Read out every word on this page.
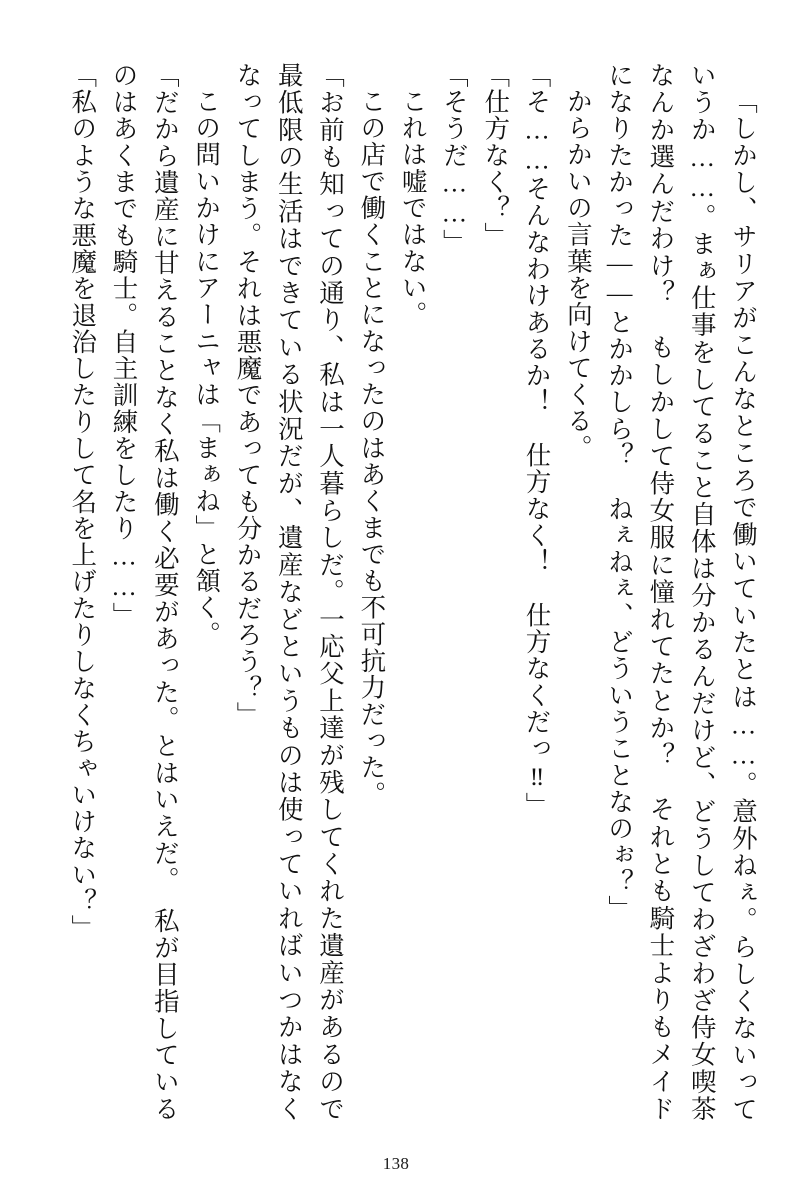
「しかし、サリアがこんなところで働いていたとは……。意外ねぇ。らしくないっていうか……。まぁ仕事をしてること自体は分かるんだけど、どうしてわざわざ侍女喫茶なんか選んだわけ？　もしかして侍女服に憧れてたとか？　それとも騎士よりもメイドになりたかった――とかかしら？　ねぇねぇ、どういうことなのぉ？」

からかいの言葉を向けてくる。

「そ……そんなわけあるか！　仕方なく！　仕方なくだっ‼」

「仕方なく？」

「そうだ……」

これは嘘ではない。

この店で働くことになったのはあくまでも不可抗力だった。

「お前も知っての通り、私は一人暮らしだ。一応父上達が残してくれた遺産があるので最低限の生活はできている状況だが、遺産などというものは使っていればいつかはなくなってしまう。それは悪魔であっても分かるだろう？」

この問いかけにアーニャは「まぁね」と頷く。

「だから遺産に甘えることなく私は働く必要があった。とはいえだ。　私が目指しているのはあくまでも騎士。自主訓練をしたり……」

「私のような悪魔を退治したりして名を上げたりしなくちゃいけない？」

138
